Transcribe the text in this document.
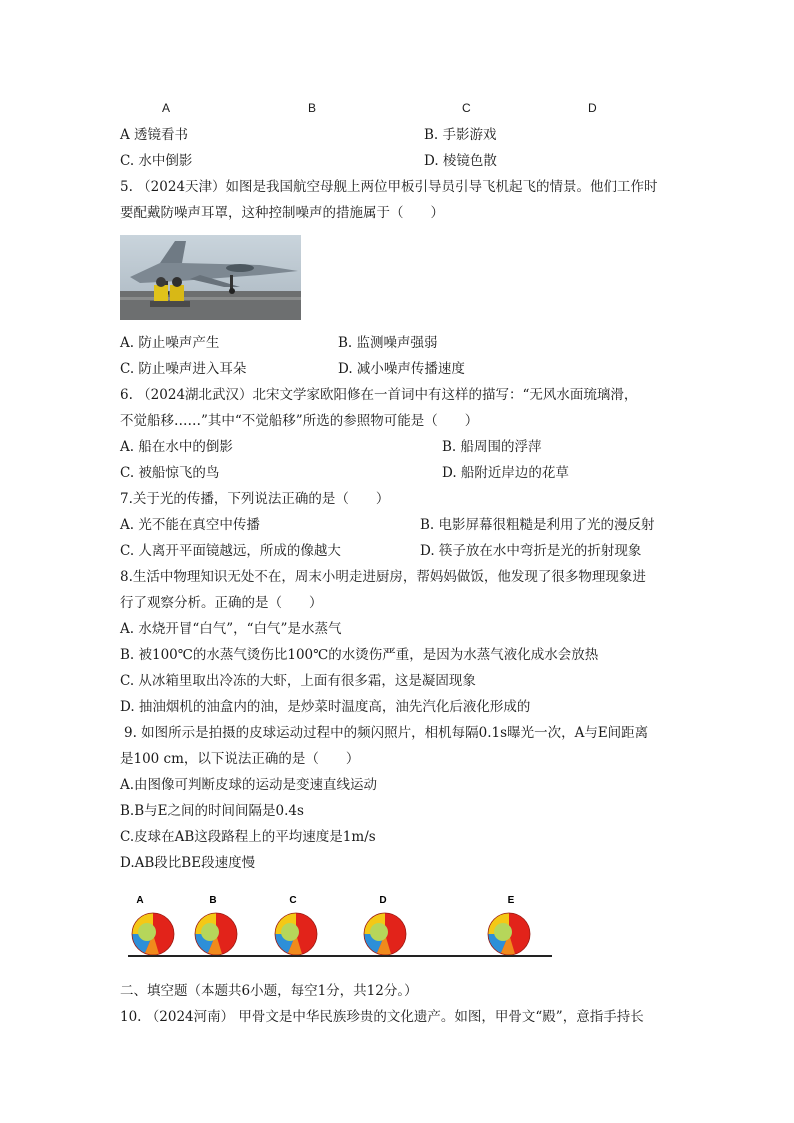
A	B	C	D
A 透镜看书	B. 手影游戏
C. 水中倒影	D. 棱镜色散
5. （2024天津）如图是我国航空母舰上两位甲板引导员引导飞机起飞的情景。他们工作时
要配戴防噪声耳罩，这种控制噪声的措施属于（　　）
A. 防止噪声产生	B. 监测噪声强弱
C. 防止噪声进入耳朵	D. 减小噪声传播速度
6. （2024湖北武汉）北宋文学家欧阳修在一首词中有这样的描写：“无风水面琉璃滑，
不觉船移……”其中“不觉船移”所选的参照物可能是（　　）
A. 船在水中的倒影	B. 船周围的浮萍
C. 被船惊飞的鸟	D. 船附近岸边的花草
7.关于光的传播，下列说法正确的是（　　）
A. 光不能在真空中传播	B. 电影屏幕很粗糙是利用了光的漫反射
C. 人离开平面镜越远，所成的像越大	D. 筷子放在水中弯折是光的折射现象
8.生活中物理知识无处不在，周末小明走进厨房，帮妈妈做饭，他发现了很多物理现象进
行了观察分析。正确的是（　　）
A. 水烧开冒“白气”，“白气”是水蒸气
B. 被100℃的水蒸气烫伤比100℃的水烫伤严重，是因为水蒸气液化成水会放热
C. 从冰箱里取出冷冻的大虾，上面有很多霜，这是凝固现象
D. 抽油烟机的油盒内的油，是炒菜时温度高，油先汽化后液化形成的
9. 如图所示是拍摄的皮球运动过程中的频闪照片，相机每隔0.1s曝光一次，A与E间距离
是100 cm，以下说法正确的是（　　）
A.由图像可判断皮球的运动是变速直线运动
B.B与E之间的时间间隔是0.4s
C.皮球在AB这段路程上的平均速度是1m/s
D.AB段比BE段速度慢
A	B	C	D	E
二、填空题（本题共6小题，每空1分，共12分。）
10. （2024河南） 甲骨文是中华民族珍贵的文化遗产。如图，甲骨文“殿”，意指手持长
